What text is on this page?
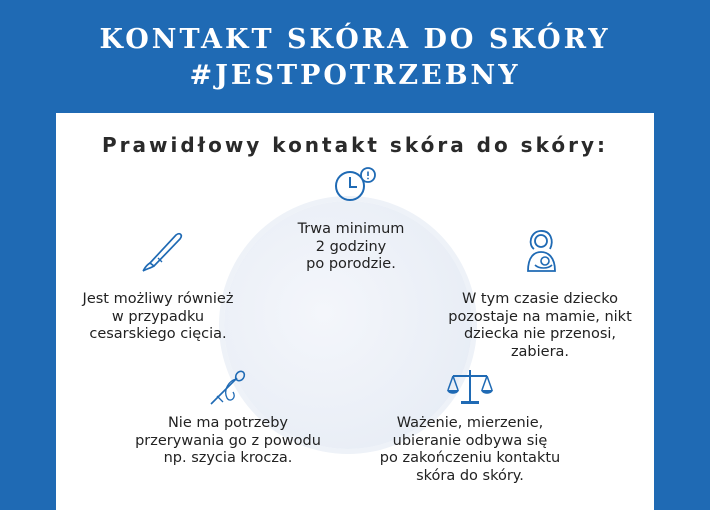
KONTAKT SKÓRA DO SKÓRY
#JESTPOTRZEBNY
Prawidłowy kontakt skóra do skóry:
Trwa minimum
2 godziny
po porodzie.
W tym czasie dziecko
pozostaje na mamie, nikt
dziecka nie przenosi,
zabiera.
Ważenie, mierzenie,
ubieranie odbywa się
po zakończeniu kontaktu
skóra do skóry.
Nie ma potrzeby
przerywania go z powodu
np. szycia krocza.
Jest możliwy również
w przypadku
cesarskiego cięcia.
